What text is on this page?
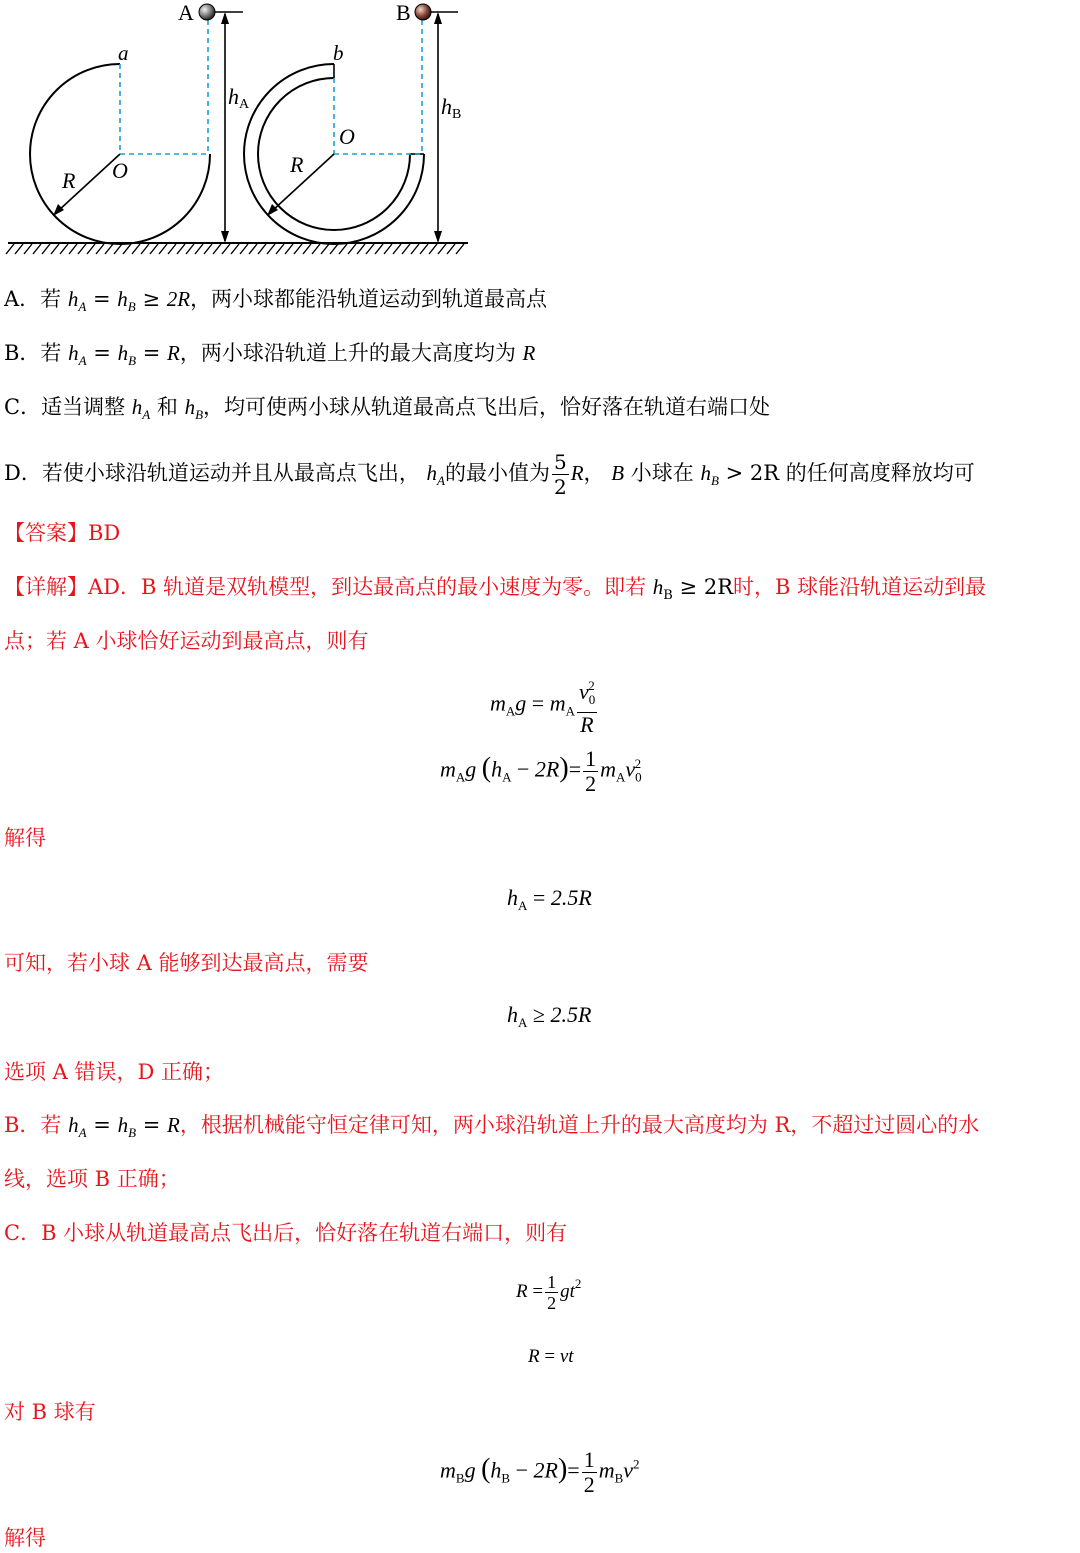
A	B
a	b
O
O
R
R
hA	hB
A．若 $h_A = h_B \ge 2R$，两小球都能沿轨道运动到轨道最高点
B．若 $h_A = h_B = R$，两小球沿轨道上升的最大高度均为 R
C．适当调整 $h_A$ 和 $h_B$，均可使两小球从轨道最高点飞出后，恰好落在轨道右端口处
D．若使小球沿轨道运动并且从最高点飞出， $h_A$的最小值为 $\frac{5}{2}$ R， B 小球在 $h_B > 2R$ 的任何高度释放均可
【答案】BD
【详解】AD．B 轨道是双轨模型，到达最高点的最小速度为零。即若 $h_B \ge 2R$时，B 球能沿轨道运动到最
点；若 A 小球恰好运动到最高点，则有
$m_Ag = m_A \frac{v_0^2}{R}$
$m_Ag$ $(h_A - 2R)= \frac{1}{2} m_Av_0^2$
解得
$h_A = 2.5R$
可知，若小球 A 能够到达最高点，需要
$h_A \ge 2.5R$
选项 A 错误，D 正确；
B．若 $h_A = h_B = R$，根据机械能守恒定律可知，两小球沿轨道上升的最大高度均为 R，不超过过圆心的水
线，选项 B 正确；
C．B 小球从轨道最高点飞出后，恰好落在轨道右端口，则有
$R = \frac{1}{2} gt^2$
R = vt
对 B 球有
$m_Bg$ $(h_B - 2R)= \frac{1}{2} m_Bv^2$
解得
